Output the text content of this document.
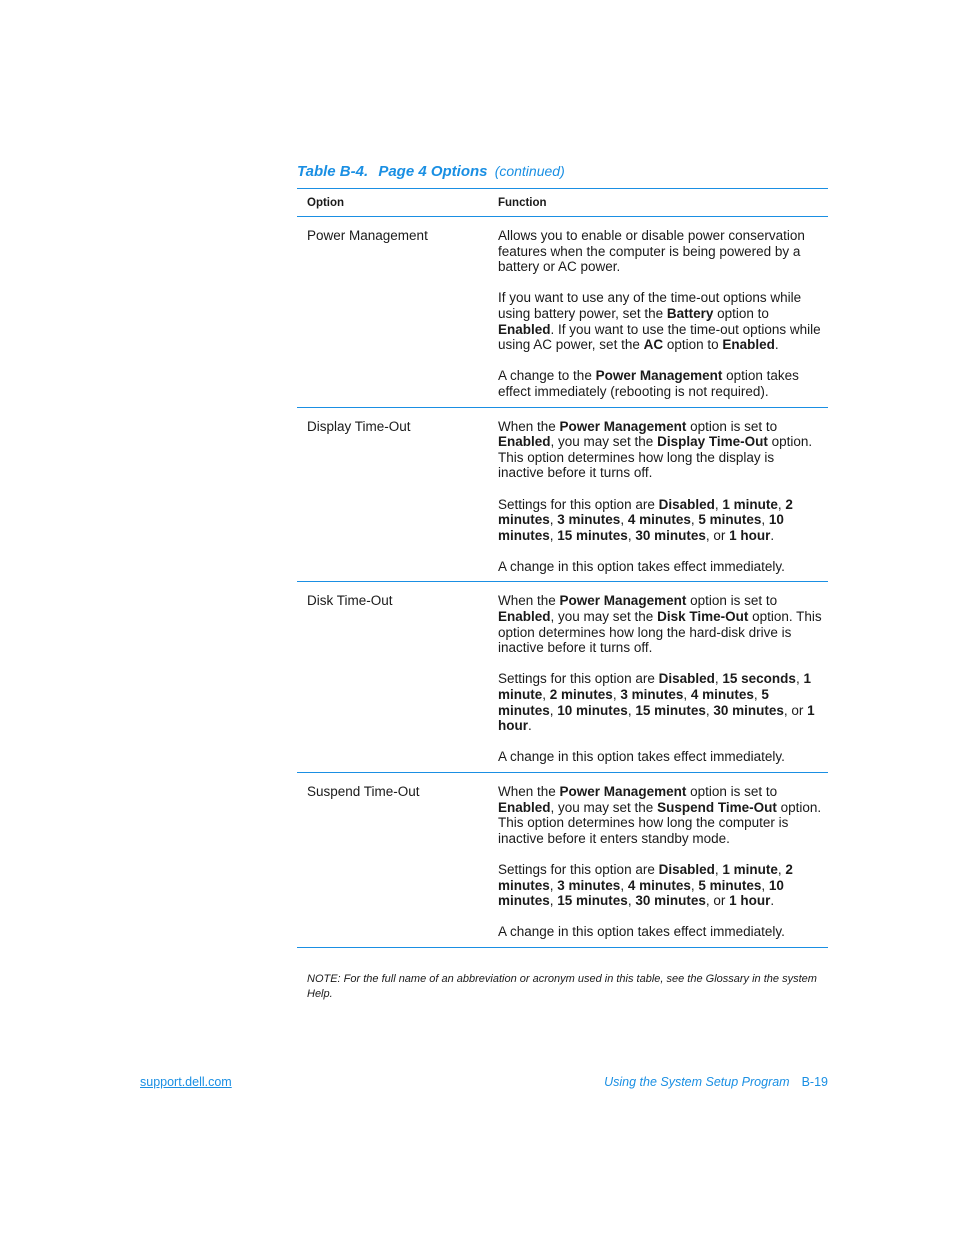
Table B-4. Page 4 Options (continued)
Option	Function
Power Management	Allows you to enable or disable power conservation features when the computer is being powered by a battery or AC power.

If you want to use any of the time-out options while using battery power, set the Battery option to Enabled. If you want to use the time-out options while using AC power, set the AC option to Enabled.

A change to the Power Management option takes effect immediately (rebooting is not required).

Display Time-Out	When the Power Management option is set to Enabled, you may set the Display Time-Out option. This option determines how long the display is inactive before it turns off.

Settings for this option are Disabled, 1 minute, 2 minutes, 3 minutes, 4 minutes, 5 minutes, 10 minutes, 15 minutes, 30 minutes, or 1 hour.

A change in this option takes effect immediately.

Disk Time-Out	When the Power Management option is set to Enabled, you may set the Disk Time-Out option. This option determines how long the hard-disk drive is inactive before it turns off.

Settings for this option are Disabled, 15 seconds, 1 minute, 2 minutes, 3 minutes, 4 minutes, 5 minutes, 10 minutes, 15 minutes, 30 minutes, or 1 hour.

A change in this option takes effect immediately.

Suspend Time-Out	When the Power Management option is set to Enabled, you may set the Suspend Time-Out option. This option determines how long the computer is inactive before it enters standby mode.

Settings for this option are Disabled, 1 minute, 2 minutes, 3 minutes, 4 minutes, 5 minutes, 10 minutes, 15 minutes, 30 minutes, or 1 hour.

A change in this option takes effect immediately.

NOTE: For the full name of an abbreviation or acronym used in this table, see the Glossary in the system Help.
support.dell.com	Using the System Setup Program B-19
